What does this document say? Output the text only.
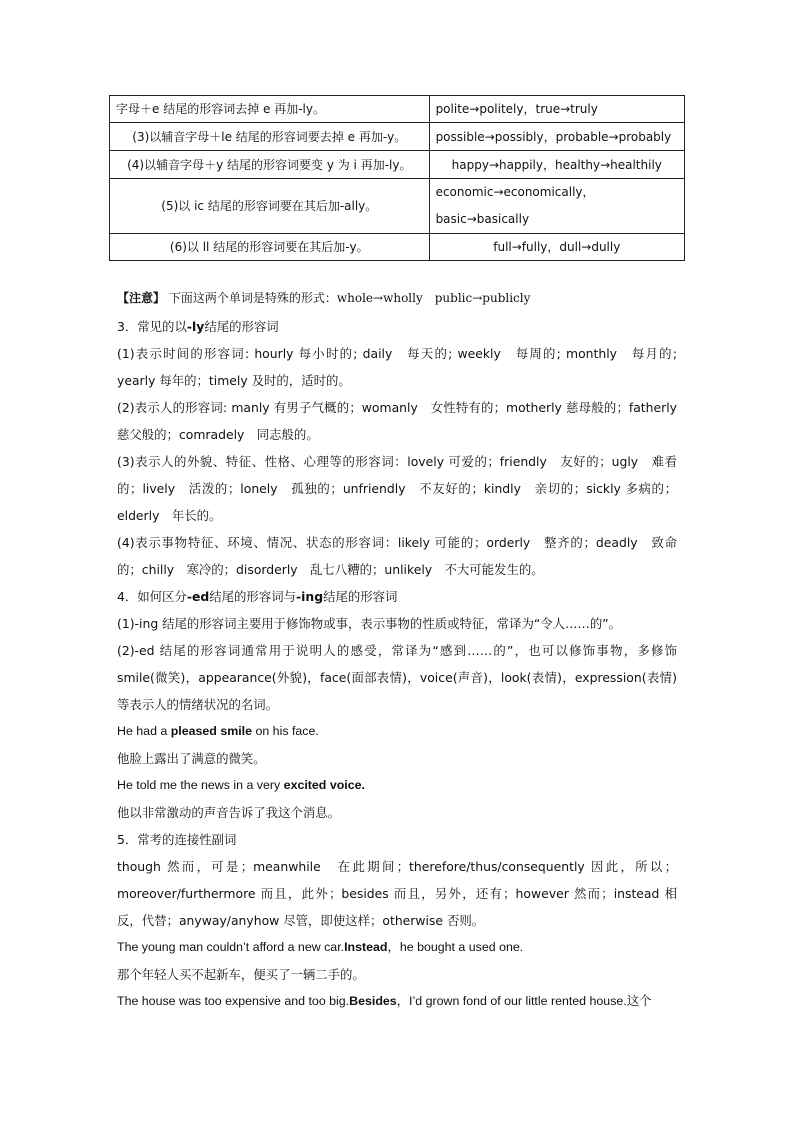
字母＋e 结尾的形容词去掉 e 再加-ly。	polite→politely，true→truly
(3)以辅音字母＋le 结尾的形容词要去掉 e 再加-y。	possible→possibly，probable→probably
(4)以辅音字母＋y 结尾的形容词要变 y 为 i 再加-ly。	happy→happily，healthy→healthily
(5)以 ic 结尾的形容词要在其后加-ally。	economic→economically，
basic→basically

(6)以 ll 结尾的形容词要在其后加-y。	full→fully，dull→dully
【注意】 下面这两个单词是特殊的形式：whole→wholly　public→publicly

3．常见的以-ly结尾的形容词

(1)表示时间的形容词: hourly 每小时的; daily　每天的; weekly　每周的; monthly　每月的; yearly 每年的；timely 及时的，适时的。

(2)表示人的形容词: manly 有男子气概的；womanly　女性特有的；motherly 慈母般的；fatherly 慈父般的；comradely　同志般的。

(3)表示人的外貌、特征、性格、心理等的形容词：lovely 可爱的；friendly　友好的；ugly　难看的；lively　活泼的；lonely　孤独的；unfriendly　不友好的；kindly　亲切的；sickly 多病的；elderly　年长的。

(4)表示事物特征、环境、情况、状态的形容词：likely 可能的；orderly　整齐的；deadly　致命的；chilly　寒冷的；disorderly　乱七八糟的；unlikely　不大可能发生的。

4．如何区分-ed结尾的形容词与-ing结尾的形容词

(1)-ing 结尾的形容词主要用于修饰物或事，表示事物的性质或特征，常译为“令人……的”。

(2)-ed 结尾的形容词通常用于说明人的感受，常译为“感到……的”，也可以修饰事物，多修饰 smile(微笑)，appearance(外貌)，face(面部表情)，voice(声音)，look(表情)，expression(表情)等表示人的情绪状况的名词。

He had a pleased smile on his face.

他脸上露出了满意的微笑。

He told me the news in a very excited voice.

他以非常激动的声音告诉了我这个消息。

5．常考的连接性副词

though 然而，可是；meanwhile　在此期间；therefore/thus/consequently 因此，所以；moreover/furthermore 而且，此外；besides 而且，另外，还有；however 然而；instead 相反，代替；anyway/anyhow 尽管，即使这样；otherwise 否则。

The young man couldn’t afford a new car.Instead，he bought a used one.

那个年轻人买不起新车，便买了一辆二手的。

The house was too expensive and too big.Besides，I’d grown fond of our little rented house.这个
